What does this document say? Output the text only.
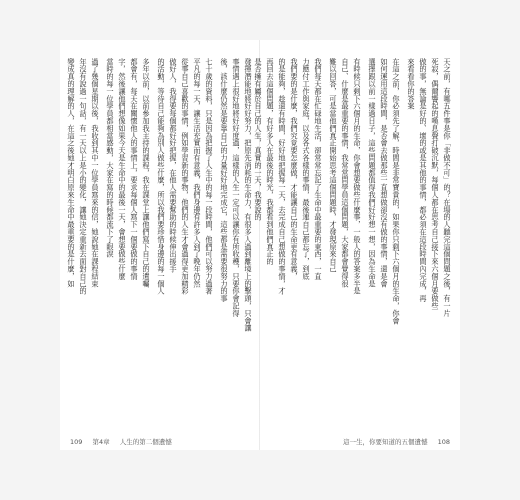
發揮潛能地將好好努力，把原先消耗的生命力，有很多人過到離境上的擊頭，只會讓
事情遇上很好地將好好度過，這樣的人生一定可以讓你有所收穫，只要你會記得
後，該什麼仍然是要靠自己的力量好好地完成它，這些都是需要很努力的事
七十歲的資料，只是因為把握了人生中的每一段時間，他們可以努力過著
平凡的每一天，讓生活充實而有意義，我們身邊有許多人到了晚年仍然
從事自己喜歡的事情，例如學習新的事物，他們的人生才會過得更加精彩
做好人，我得要每個都好好把握，在他人需要幫助的時候伸出援手
的活動，等待自己能夠為別人做些什麼，所以我們要珍惜身邊的每一個人
多年以前，以前參加我主持的課程，我在課堂上讓他們寫下自己的遺囑
都會有，每天在關懷他人的事情上，要求每個人寫下一個要做的事情
字，然後讓他們想像如果今天是生命中的最後一天，會想要做些什麼
當時的每一位學員都相當感動，大家在寫的時候都流下了眼淚
過了幾個星期以後，我收到其中一位學員寫來的信，她說她在課程結束
年沒有說過一句話，有一天以上是小的變化，讓她決定重新去面對自己的
變成真的理解的人，在這之後她才明白原來生命中最重要的是什麼，如
109 第4章 人生的第二個遺憾
天之前，有哪五件事是你「非做不可」的？在場的人聽完這個問題之後，有一片
死寂，偶爾響起的嘆息聲打破沉默，每個人都在思考自己接下來六個月要做些
做的事，無論是好的、壞的或是其他的事情，都必須在這段時間內完成，再
來看看你的答案
在這之前，你必須先了解，時間是非常寶貴的，如果你只剩下六個月的生命，你會
如何運用這段時間，是否會去做那些一直想做卻沒有做的事情，還是會
選擇跟以前一樣過日子，這些問題都值得我們好好想一想，因為生命是
有時候只剩下六個月的生命，你會想要做些什麼事，一般人的答案多半是
自己、什麼是最重要的事情，我常常問學員這個問題，大家都會覺得很
難以回答，可是當他們真正開始思考這個問題時，才發現原來自己
我們每天都在忙碌地生活，卻常常忘記了生命中最重要的東西，一直
力應付工作與家庭，以及各式各樣的事情，最後連自己都忘了，到底
我們要的是什麼，我們究竟要怎麼做，才能讓自己的生命更有意義，
的是能夠，趁還有時間，好好地把握每一天，去完成自己想做的事情，才
再回去這個問題，有好多人在最後的時光，我都看到他們真正的
是否擁有屬於自己的人生，真實的一天，我要說的
這一生，你要知道的五個遺憾 108
